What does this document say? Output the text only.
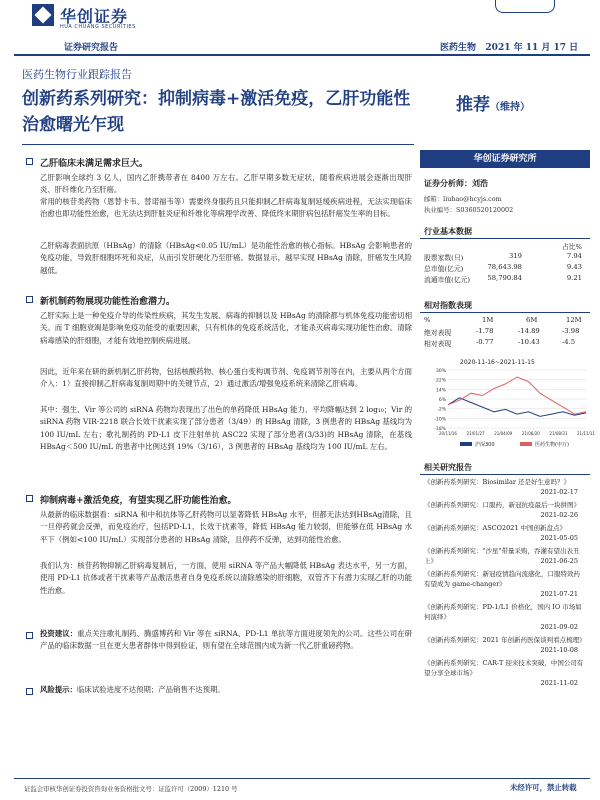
华创证券
HUA CHUANG SECURITIES
证券研究报告	医药生物 2021 年 11 月 17 日
医药生物行业跟踪报告
创新药系列研究：抑制病毒+激活免疫，乙肝功能性治愈曙光乍现
推荐（维持）
乙肝临床未满足需求巨大。
乙肝影响全球约 3 亿人，国内乙肝携带者在 8400 万左右。乙肝早期多数无症状，随着疾病进展会逐渐出现肝炎、肝纤维化乃至肝癌。
常用的核苷类药物（恩替卡韦、替诺福韦等）需要终身服药且只能抑制乙肝病毒复制延缓疾病进程，无法实现临床治愈也即功能性治愈，也无法达到肝脏炎症和纤维化等病理学改善、降低终末期肝病包括肝癌发生率的目标。
乙肝病毒表面抗原（HBsAg）的清除（HBsAg<0.05 IU/mL）是功能性治愈的核心指标。HBsAg 会影响患者的免疫功能，导致肝细胞坏死和炎症，从而引发肝硬化乃至肝癌。数据显示，越早实现 HBsAg 清除，肝癌发生风险越低。
新机制药物展现功能性治愈潜力。
乙肝实际上是一种免疫介导的传染性疾病，其发生发展、病毒的抑制以及 HBsAg 的清除都与机体免疫功能密切相关。而 T 细胞衰竭是影响免疫功能受的重要因素，只有机体的免疫系统活化，才能杀灭病毒实现功能性治愈。清除病毒感染的肝细胞，才能有效地控制疾病进展。
因此，近年来在研的新机制乙肝药物，包括核酸药物、核心蛋白变构调节剂、免疫调节剂等在内，主要从两个方面介入：1）直接抑制乙肝病毒复制周期中的关键节点，2）通过激活/增强免疫系统来清除乙肝病毒。
其中：强生、Vir 等公司的 siRNA 药物均表现出了出色的单药降低 HBsAg 能力、平均降幅达到 2 log₁₀；Vir 的 siRNA 药物 VIR-2218 联合长效干扰素实现了部分患者（3/49）的 HBsAg 清除，3 例患者的 HBsAg 基线均为 100 IU/mL 左右；歌礼制药的 PD-L1 皮下注射单抗 ASC22 实现了部分患者(3/33)的 HBsAg 清除，在基线 HBsAg＜500 IU/mL 的患者中比例达到 19%（3/16），3 例患者的 HBsAg 基线均为 100 IU/mL 左右。
抑制病毒+激活免疫，有望实现乙肝功能性治愈。
从最新的临床数据看：siRNA 和中和抗体等乙肝药物可以显著降低 HBsAg 水平，但都无法达到HBsAg清除，且一旦停药就会反弹，而免疫治疗，包括PD-L1、长效干扰素等，降低 HBsAg 能力较弱，但能够在低 HBsAg 水平下（例如<100 IU/mL）实现部分患者的 HBsAg 清除，且停药不反弹，达到功能性治愈。
我们认为：核苷药物抑制乙肝病毒复制后，一方面，使用 siRNA 等产品大幅降低 HBsAg 表达水平，另一方面，使用 PD-L1 抗体或者干扰素等产品激活患者自身免疫系统以清除感染的肝细胞，双管齐下有潜力实现乙肝的功能性治愈。
投资建议：重点关注歌礼制药、腾盛博药和 Vir 等在 siRNA、PD-L1 单抗等方面进度领先的公司。这些公司在研产品的临床数据一旦在更大患者群体中得到验证，则有望在全球范围内成为新一代乙肝重磅药物。
风险提示：临床试验进度不达预期；产品销售不达预期。
华创证券研究所
证券分析师：刘浩
邮箱：liuhao@hcyjs.com
执业编号：S0360520120002
行业基本数据
占比%
股票家数(只)	319	7.94
总市值(亿元)	78,643.98	9.43
流通市值(亿元)	58,790.84	9.21
相对指数表现
%	1M	6M	12M
绝对表现	-1.78	-14.89	-3.98
相对表现	-0.77	-10.43	-4.5
2020-11-16~2021-11-15
30%
22%
14%
6%
-2%
-10%
-18%
20/11/16 21/01/27 21/04/09 21/06/20 21/08/31 21/11/11
沪深300	医药生物(申万)
相关研究报告
《创新药系列研究：Biosimilar 还是好生意吗？》
2021-02-17
《创新药系列研究：口服药，新冠抗疫最后一块拼图》
2021-02-26
《创新药系列研究：ASCO2021 中国创新盘点》
2021-05-05
《创新药系列研究："沙星"带量采购，吞灌有望出表丑上》	2021-06-25
《创新药系列研究：新冠疫情趋向流感化，口服特效药有望成为 game-changer》
2021-07-21
《创新药系列研究：PD-1/L1 价格化，国内 IO 市场如何演绎》
2021-09-02
《创新药系列研究：2021 年创新药医保谈判看点梳理》
2021-10-08
《创新药系列研究：CAR-T 迎来技术突破，中国公司有望分享全球市场》
2021-11-02
证监会审核华创证券投资咨询业务资格批文号：证监许可（2009）1210 号	未经许可，禁止转载
